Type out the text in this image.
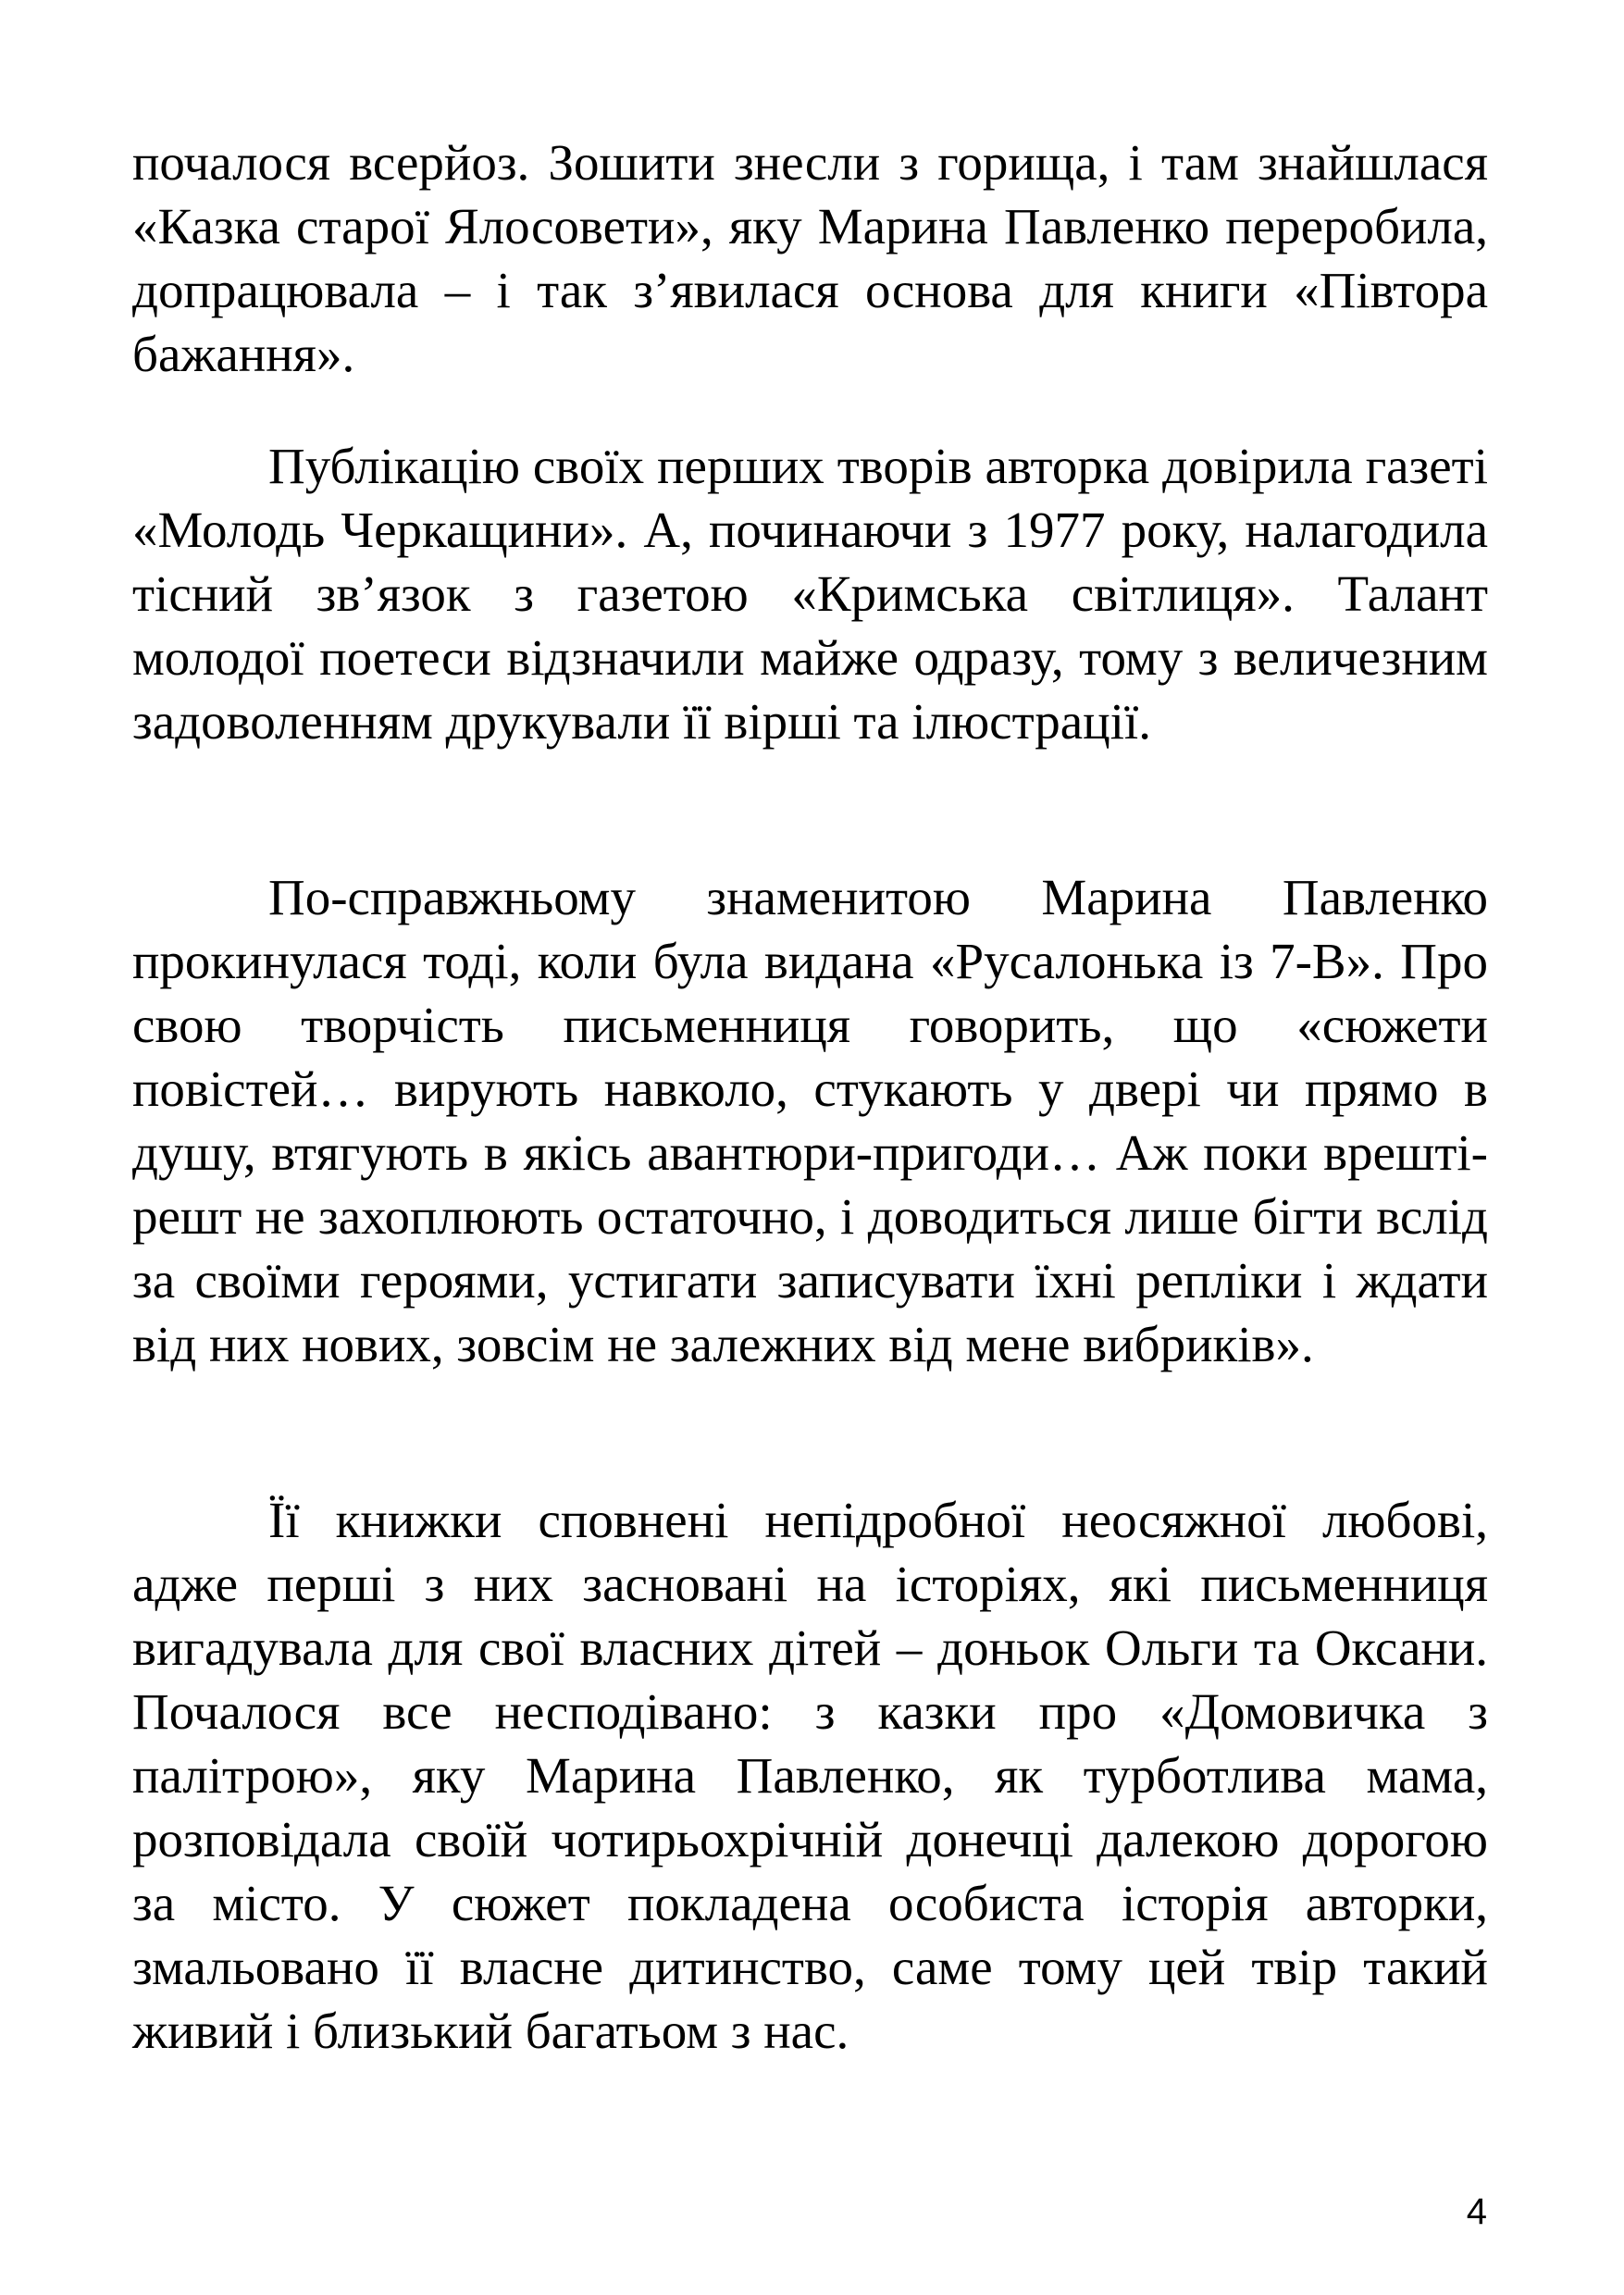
почалося всерйоз. Зошити знесли з горища, і там знайшлася «Казка старої Ялосовети», яку Марина Павленко переробила, допрацювала – і так з’явилася основа для книги «Півтора бажання».

Публікацію своїх перших творів авторка довірила газеті «Молодь Черкащини». А, починаючи з 1977 року, налагодила тісний зв’язок з газетою «Кримська світлиця». Талант молодої поетеси відзначили майже одразу, тому з величезним задоволенням друкували її вірші та ілюстрації.

По-справжньому знаменитою Марина Павленко прокинулася тоді, коли була видана «Русалонька із 7-В». Про свою творчість письменниця говорить, що «сюжети повістей… вирують навколо, стукають у двері чи прямо в душу, втягують в якісь авантюри-пригоди… Аж поки врешті-решт не захоплюють остаточно, і доводиться лише бігти вслід за своїми героями, устигати записувати їхні репліки і ждати від них нових, зовсім не залежних від мене вибриків».

Її книжки сповнені непідробної неосяжної любові, адже перші з них засновані на історіях, які письменниця вигадувала для свої власних дітей – доньок Ольги та Оксани. Почалося все несподівано: з казки про «Домовичка з палітрою», яку Марина Павленко, як турботлива мама, розповідала своїй чотирьохрічній донечці далекою дорогою за місто. У сюжет покладена особиста історія авторки, змальовано її власне дитинство, саме тому цей твір такий живий і близький багатьом з нас.

4
